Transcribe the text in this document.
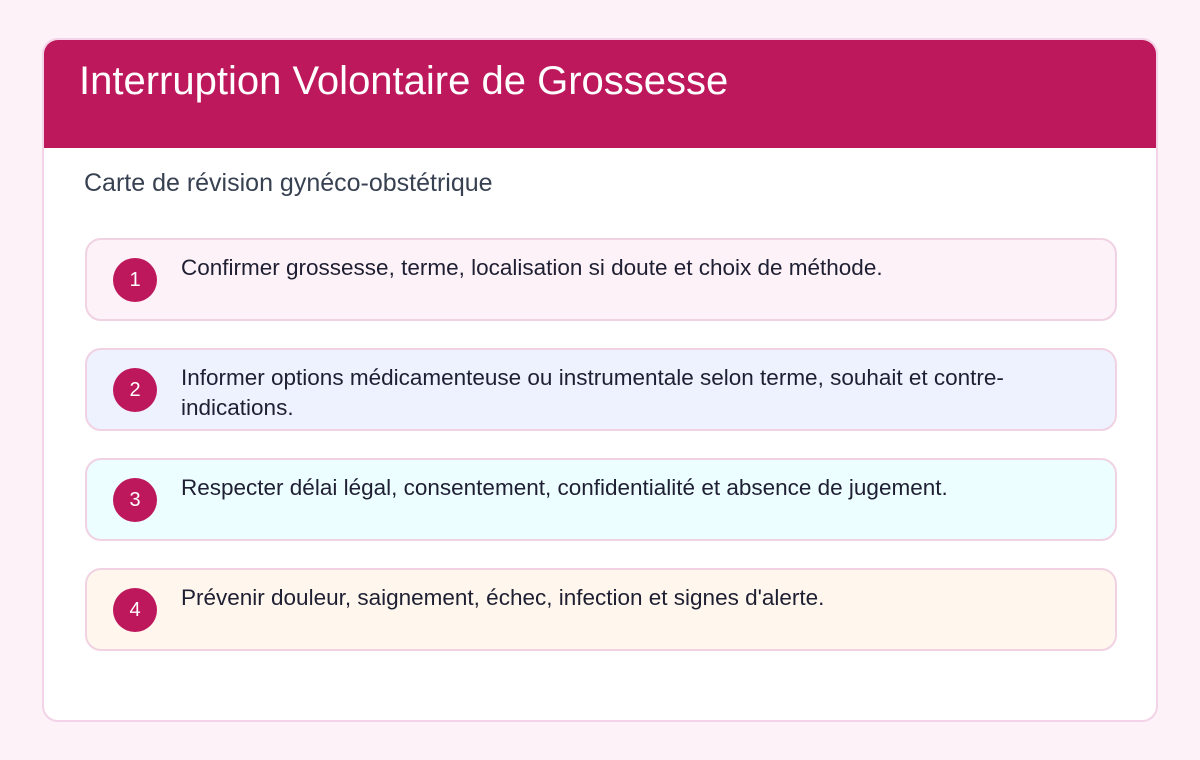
Interruption Volontaire de Grossesse
Carte de révision gynéco-obstétrique
1	Confirmer grossesse, terme, localisation si doute et choix de méthode.
2	Informer options médicamenteuse ou instrumentale selon terme, souhait et contre-indications.
3	Respecter délai légal, consentement, confidentialité et absence de jugement.
4	Prévenir douleur, saignement, échec, infection et signes d'alerte.
